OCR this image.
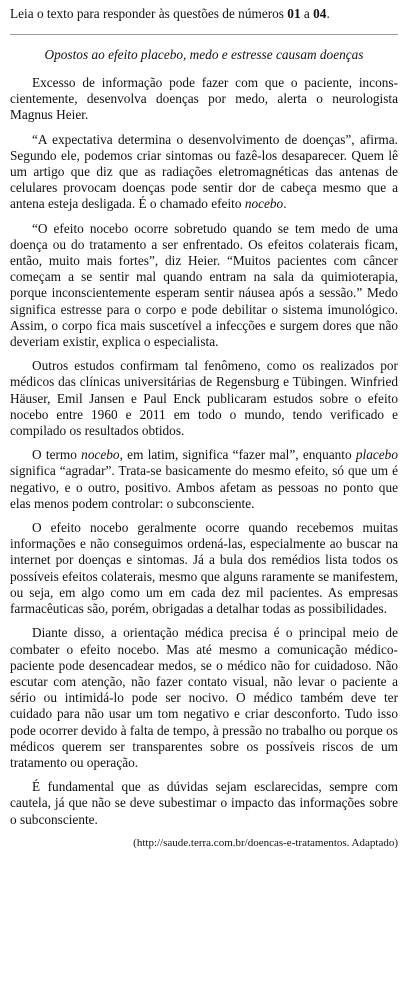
Leia o texto para responder às questões de números 01 a 04.

Opostos ao efeito placebo, medo e estresse causam doenças

Excesso de informação pode fazer com que o paciente, inconscientemente, desenvolva doenças por medo, alerta o neurologista Magnus Heier.

“A expectativa determina o desenvolvimento de doenças”, afirma. Segundo ele, podemos criar sintomas ou fazê-los desaparecer. Quem lê um artigo que diz que as radiações eletromagnéticas das antenas de celulares provocam doenças pode sentir dor de cabeça mesmo que a antena esteja desligada. É o chamado efeito nocebo.

“O efeito nocebo ocorre sobretudo quando se tem medo de uma doença ou do tratamento a ser enfrentado. Os efeitos colaterais ficam, então, muito mais fortes”, diz Heier. “Muitos pacientes com câncer começam a se sentir mal quando entram na sala da quimioterapia, porque inconscientemente esperam sentir náusea após a sessão.” Medo significa estresse para o corpo e pode debilitar o sistema imunológico. Assim, o corpo fica mais suscetível a infecções e surgem dores que não deveriam existir, explica o especialista.

Outros estudos confirmam tal fenômeno, como os realizados por médicos das clínicas universitárias de Regensburg e Tübingen. Winfried Häuser, Emil Jansen e Paul Enck publicaram estudos sobre o efeito nocebo entre 1960 e 2011 em todo o mundo, tendo verificado e compilado os resultados obtidos.

O termo nocebo, em latim, significa “fazer mal”, enquanto placebo significa “agradar”. Trata-se basicamente do mesmo efeito, só que um é negativo, e o outro, positivo. Ambos afetam as pessoas no ponto que elas menos podem controlar: o subconsciente.

O efeito nocebo geralmente ocorre quando recebemos muitas informações e não conseguimos ordená-las, especialmente ao buscar na internet por doenças e sintomas. Já a bula dos remédios lista todos os possíveis efeitos colaterais, mesmo que alguns raramente se manifestem, ou seja, em algo como um em cada dez mil pacientes. As empresas farmacêuticas são, porém, obrigadas a detalhar todas as possibilidades.

Diante disso, a orientação médica precisa é o principal meio de combater o efeito nocebo. Mas até mesmo a comunicação médico-paciente pode desencadear medos, se o médico não for cuidadoso. Não escutar com atenção, não fazer contato visual, não levar o paciente a sério ou intimidá-lo pode ser nocivo. O médico também deve ter cuidado para não usar um tom negativo e criar desconforto. Tudo isso pode ocorrer devido à falta de tempo, à pressão no trabalho ou porque os médicos querem ser transparentes sobre os possíveis riscos de um tratamento ou operação.

É fundamental que as dúvidas sejam esclarecidas, sempre com cautela, já que não se deve subestimar o impacto das informações sobre o subconsciente.

(http://saude.terra.com.br/doencas-e-tratamentos. Adaptado)
